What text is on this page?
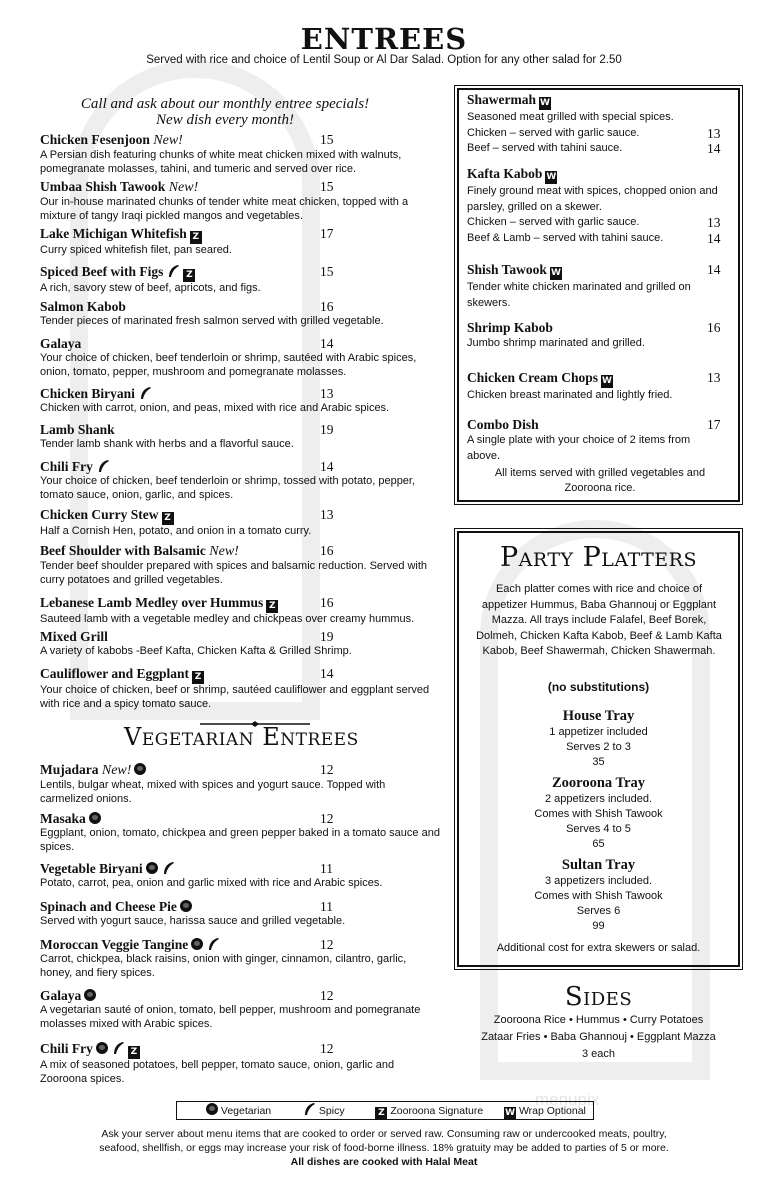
ENTREES
Served with rice and choice of Lentil Soup or Al Dar Salad. Option for any other salad for 2.50
Call and ask about our monthly entree specials!
New dish every month!
Chicken Fesenjoon New!	15
A Persian dish featuring chunks of white meat chicken mixed with walnuts, pomegranate molasses, tahini, and tumeric and served over rice.
Umbaa Shish Tawook New!	15
Our in-house marinated chunks of tender white meat chicken, topped with a mixture of tangy Iraqi pickled mangos and vegetables.
Lake Michigan Whitefish Z	17
Curry spiced whitefish filet, pan seared.
Spiced Beef with Figs	Z	15
A rich, savory stew of beef, apricots, and figs.
Salmon Kabob	16
Tender pieces of marinated fresh salmon served with grilled vegetable.
Galaya	14
Your choice of chicken, beef tenderloin or shrimp, sautéed with Arabic spices, onion, tomato, pepper, mushroom and pomegranate molasses.
Chicken Biryani	13
Chicken with carrot, onion, and peas, mixed with rice and Arabic spices.
Lamb Shank	19
Tender lamb shank with herbs and a flavorful sauce.
Chili Fry	14
Your choice of chicken, beef tenderloin or shrimp, tossed with potato, pepper, tomato sauce, onion, garlic, and spices.
Chicken Curry Stew Z	13
Half a Cornish Hen, potato, and onion in a tomato curry.
Beef Shoulder with Balsamic New!	16
Tender beef shoulder prepared with spices and balsamic reduction. Served with curry potatoes and grilled vegetables.
Lebanese Lamb Medley over Hummus Z	16
Sauteed lamb with a vegetable medley and chickpeas over creamy hummus.
Mixed Grill	19
A variety of kabobs -Beef Kafta, Chicken Kafta & Grilled Shrimp.
Cauliflower and Eggplant Z	14
Your choice of chicken, beef or shrimp, sautéed cauliflower and eggplant served with rice and a spicy tomato sauce.
Vegetarian Entrees
Mujadara New!	12
Lentils, bulgar wheat, mixed with spices and yogurt sauce. Topped with carmelized onions.
Masaka	12
Eggplant, onion, tomato, chickpea and green pepper baked in a tomato sauce and spices.
Vegetable Biryani	11
Potato, carrot, pea, onion and garlic mixed with rice and Arabic spices.
Spinach and Cheese Pie	11
Served with yogurt sauce, harissa sauce and grilled vegetable.
Moroccan Veggie Tangine	12
Carrot, chickpea, black raisins, onion with ginger, cinnamon, cilantro, garlic, honey, and fiery spices.
Galaya	12
A vegetarian sauté of onion, tomato, bell pepper, mushroom and pomegranate molasses mixed with Arabic spices.
Chili Fry	Z	12
A mix of seasoned potatoes, bell pepper, tomato sauce, onion, garlic and Zooroona spices.
Shawermah W
Seasoned meat grilled with special spices.
Chicken – served with garlic sauce.	13
Beef – served with tahini sauce.	14
Kafta Kabob W
Finely ground meat with spices, chopped onion and parsley, grilled on a skewer.
Chicken – served with garlic sauce.	13
Beef & Lamb – served with tahini sauce.	14
Shish Tawook W	14
Tender white chicken marinated and grilled on skewers.
Shrimp Kabob	16
Jumbo shrimp marinated and grilled.
Chicken Cream Chops W	13
Chicken breast marinated and lightly fried.
Combo Dish	17
A single plate with your choice of 2 items from above.
All items served with grilled vegetables and Zooroona rice.
Party Platters
Each platter comes with rice and choice of appetizer Hummus, Baba Ghannouj or Eggplant Mazza. All trays include Falafel, Beef Borek, Dolmeh, Chicken Kafta Kabob, Beef & Lamb Kafta Kabob, Beef Shawermah, Chicken Shawermah.
(no substitutions)
House Tray
1 appetizer included
Serves 2 to 3
35
Zooroona Tray
2 appetizers included.
Comes with Shish Tawook
Serves 4 to 5
65
Sultan Tray
3 appetizers included.
Comes with Shish Tawook
Serves 6
99
Additional cost for extra skewers or salad.
Sides
Zooroona Rice • Hummus • Curry Potatoes
Zataar Fries • Baba Ghannouj • Eggplant Mazza
3 each
menupix
Vegetarian	Spicy	Z Zooroona Signature W Wrap Optional
Ask your server about menu items that are cooked to order or served raw. Consuming raw or undercooked meats, poultry,
seafood, shellfish, or eggs may increase your risk of food-borne illness. 18% gratuity may be added to parties of 5 or more.
All dishes are cooked with Halal Meat
